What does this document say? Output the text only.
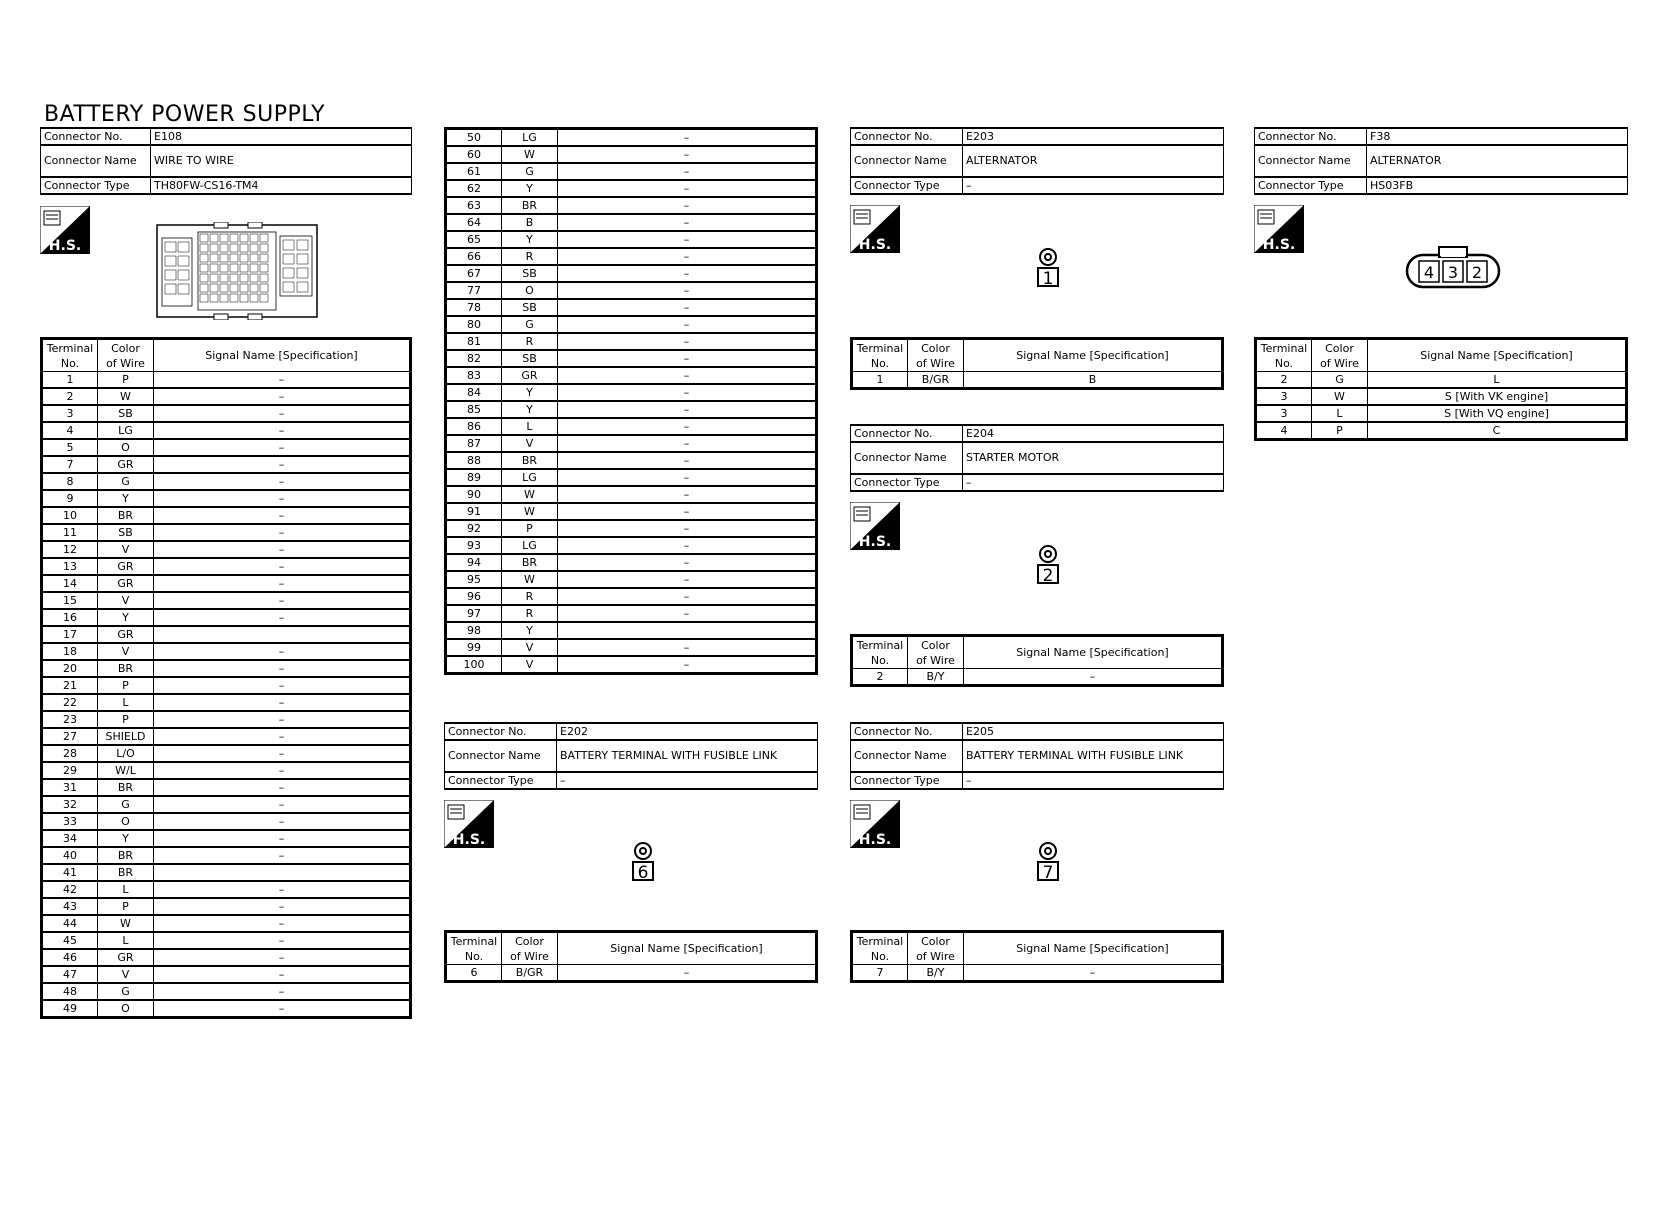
BATTERY POWER SUPPLY
Connector No.	E108
Connector Name	WIRE TO WIRE
Connector Type	TH80FW-CS16-TM4
H.S.
Terminal
No.	Color
of Wire	Signal Name [Specification]
1	P	–
2	W	–
3	SB	–
4	LG	–
5	O	–
7	GR	–
8	G	–
9	Y	–
10	BR	–
11	SB	–
12	V	–
13	GR	–
14	GR	–
15	V	–
16	Y	–
17	GR	
18	V	–
20	BR	–
21	P	–
22	L	–
23	P	–
27	SHIELD	–
28	L/O	–
29	W/L	–
31	BR	–
32	G	–
33	O	–
34	Y	–
40	BR	–
41	BR	
42	L	–
43	P	–
44	W	–
45	L	–
46	GR	–
47	V	–
48	G	–
49	O	–
50	LG	–
60	W	–
61	G	–
62	Y	–
63	BR	–
64	B	–
65	Y	–
66	R	–
67	SB	–
77	O	–
78	SB	–
80	G	–
81	R	–
82	SB	–
83	GR	–
84	Y	–
85	Y	–
86	L	–
87	V	–
88	BR	–
89	LG	–
90	W	–
91	W	–
92	P	–
93	LG	–
94	BR	–
95	W	–
96	R	–
97	R	–
98	Y	
99	V	–
100	V	–
Connector No.	E202
Connector Name	BATTERY TERMINAL WITH FUSIBLE LINK
Connector Type	–
H.S.
6
Terminal
No.	Color
of Wire	Signal Name [Specification]
6	B/GR	–
Connector No.	E203
Connector Name	ALTERNATOR
Connector Type	–
H.S.
1
Terminal
No.	Color
of Wire	Signal Name [Specification]
1	B/GR	B
Connector No.	E204
Connector Name	STARTER MOTOR
Connector Type	–
H.S.
2
Terminal
No.	Color
of Wire	Signal Name [Specification]
2	B/Y	–
Connector No.	E205
Connector Name	BATTERY TERMINAL WITH FUSIBLE LINK
Connector Type	–
H.S.
7
Terminal
No.	Color
of Wire	Signal Name [Specification]
7	B/Y	–
Connector No.	F38
Connector Name	ALTERNATOR
Connector Type	HS03FB
H.S.
4 3 2
Terminal
No.	Color
of Wire	Signal Name [Specification]
2	G	L
3	W	S [With VK engine]
3	L	S [With VQ engine]
4	P	C
